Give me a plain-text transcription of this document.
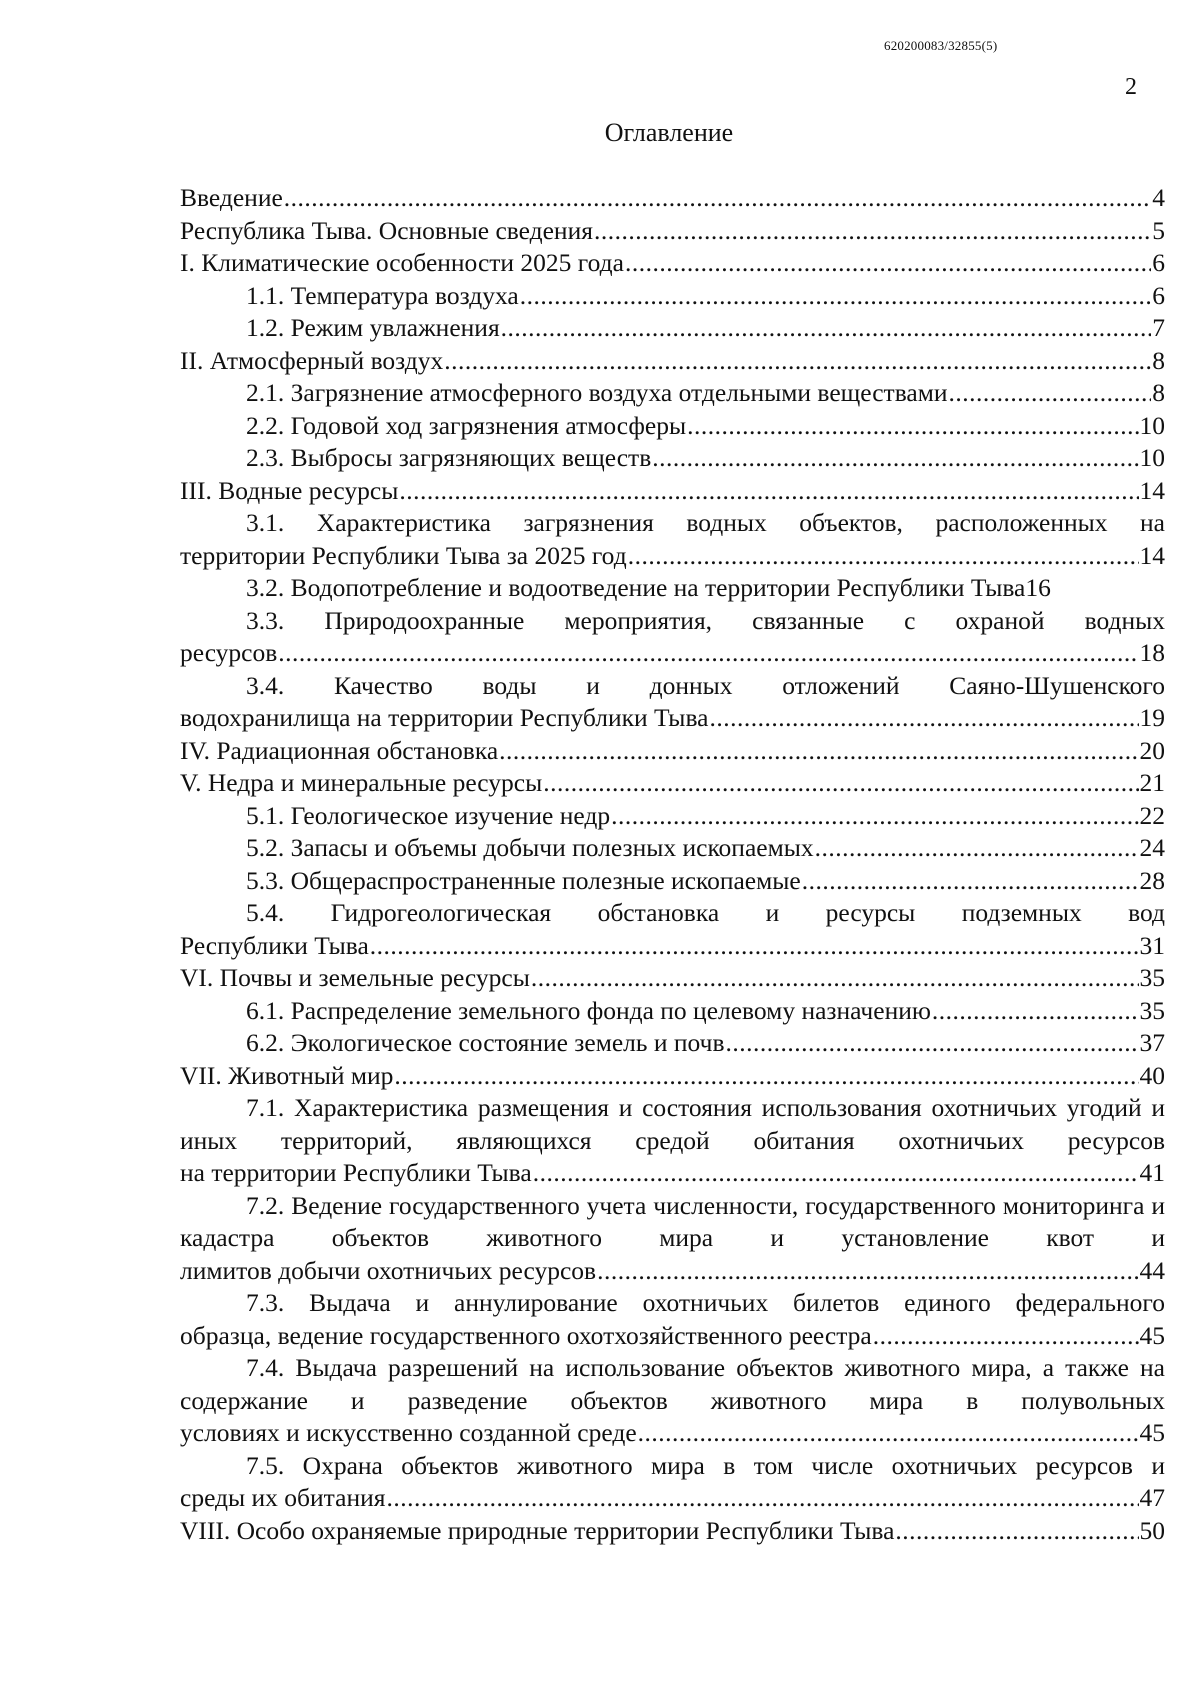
620200083/32855(5)
2
Оглавление
Введение .....	4
Республика Тыва. Основные сведения .....	5
I. Климатические особенности 2025 года .....	6
1.1. Температура воздуха .....	6
1.2. Режим увлажнения .....	7
II. Атмосферный воздух .....	8
2.1. Загрязнение атмосферного воздуха отдельными веществами .....	8
2.2. Годовой ход загрязнения атмосферы .....	10
2.3. Выбросы загрязняющих веществ .....	10
III. Водные ресурсы .....	14
3.1. Характеристика загрязнения водных объектов, расположенных на
территории Республики Тыва за 2025 год .....	14
3.2. Водопотребление и водоотведение на территории Республики Тыва16
3.3. Природоохранные мероприятия, связанные с охраной водных
ресурсов .....	18
3.4. Качество воды и донных отложений Саяно-Шушенского
водохранилища на территории Республики Тыва .....	19
IV. Радиационная обстановка .....	20
V. Недра и минеральные ресурсы .....	21
5.1. Геологическое изучение недр .....	22
5.2. Запасы и объемы добычи полезных ископаемых .....	24
5.3. Общераспространенные полезные ископаемые .....	28
5.4. Гидрогеологическая обстановка и ресурсы подземных вод
Республики Тыва .....	31
VI. Почвы и земельные ресурсы .....	35
6.1. Распределение земельного фонда по целевому назначению .....	35
6.2. Экологическое состояние земель и почв .....	37
VII. Животный мир .....	40
7.1. Характеристика размещения и состояния использования охотничьих угодий и иных территорий, являющихся средой обитания охотничьих ресурсов
на территории Республики Тыва .....	41
7.2. Ведение государственного учета численности, государственного мониторинга и кадастра объектов животного мира и установление квот и
лимитов добычи охотничьих ресурсов .....	44
7.3. Выдача и аннулирование охотничьих билетов единого федерального
образца, ведение государственного охотхозяйственного реестра .....	45
7.4. Выдача разрешений на использование объектов животного мира, а также на содержание и разведение объектов животного мира в полувольных
условиях и искусственно созданной среде .....	45
7.5. Охрана объектов животного мира в том числе охотничьих ресурсов и
среды их обитания .....	47
VIII. Особо охраняемые природные территории Республики Тыва .....	50
